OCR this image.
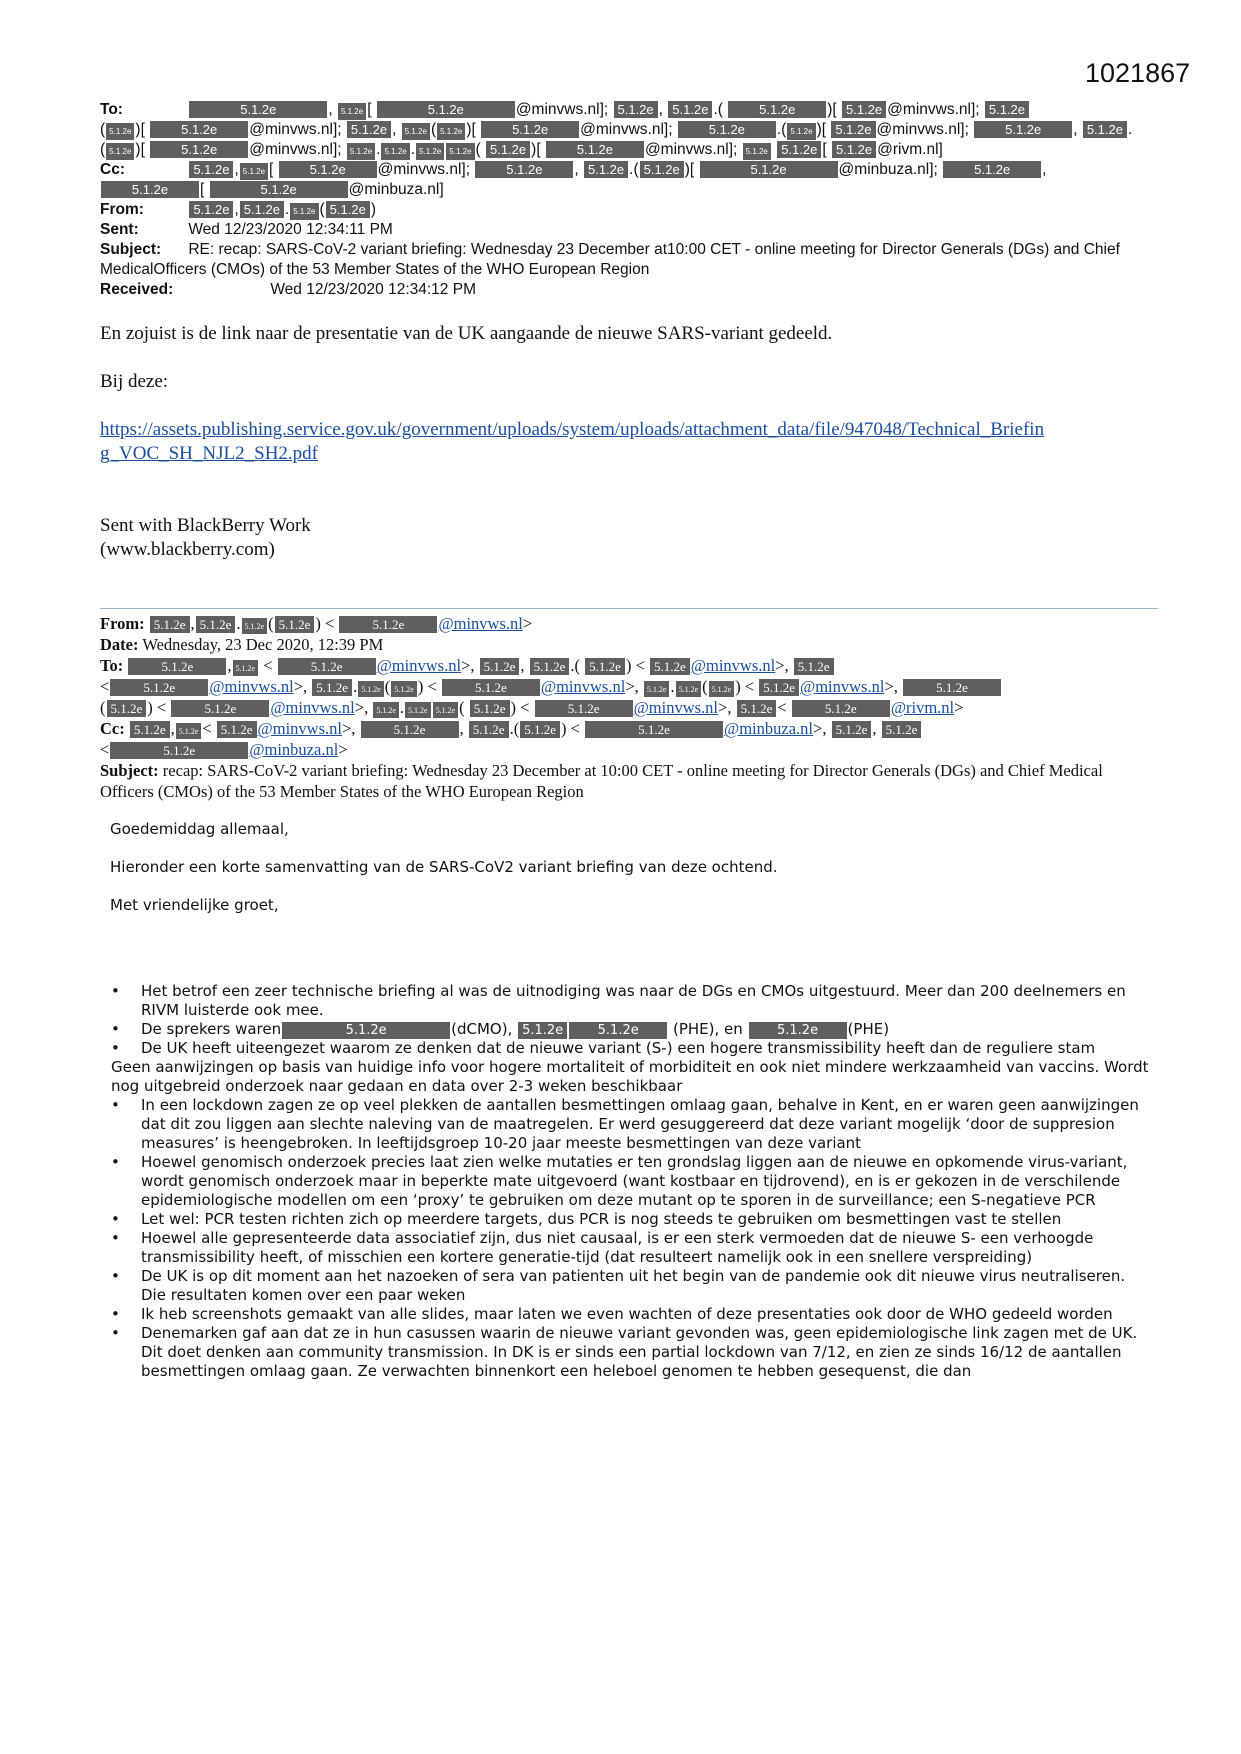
1021867
To:	5.1.2e	, 5.1.2e [	5.1.2e	@minvws.nl]; 5.1.2e , 5.1.2e .( 5.1.2e )[ 5.1.2e @minvws.nl]; 5.1.2e
( 5.1.2e )[ 5.1.2e @minvws.nl]; 5.1.2e , 5.1.2e ( 5.1.2e )[ 5.1.2e @minvws.nl];	5.1.2e .( 5.1.2e )[ 5.1.2e @minvws.nl];	5.1.2e , 5.1.2e .
( 5.1.2e )[ 5.1.2e @minvws.nl]; 5.1.2e . 5.1.2e . 5.1.2e 5.1.2e ( 5.1.2e )[ 5.1.2e @minvws.nl]; 5.1.2e 5.1.2e [ 5.1.2e @rivm.nl]
Cc:	5.1.2e , 5.1.2e [ 5.1.2e @minvws.nl];	5.1.2e , 5.1.2e .( 5.1.2e )[	5.1.2e	@minbuza.nl];	5.1.2e ,
5.1.2e [	5.1.2e	@minbuza.nl]
From:	5.1.2e , 5.1.2e . 5.1.2e ( 5.1.2e )
Sent:	Wed 12/23/2020 12:34:11 PM
Subject: RE: recap: SARS-CoV-2 variant briefing: Wednesday 23 December at10:00 CET - online meeting for Director Generals (DGs) and Chief MedicalOfficers (CMOs) of the 53 Member States of the WHO European Region
Received:	Wed 12/23/2020 12:34:12 PM

En zojuist is de link naar de presentatie van de UK aangaande de nieuwe SARS-variant gedeeld.

Bij deze:

https://assets.publishing.service.gov.uk/government/uploads/system/uploads/attachment_data/file/947048/Technical_Briefin
g_VOC_SH_NJL2_SH2.pdf

Sent with BlackBerry Work
(www.blackberry.com)

From: 5.1.2e , 5.1.2e . 5.1.2e ( 5.1.2e ) <	5.1.2e @minvws.nl>
Date: Wednesday, 23 Dec 2020, 12:39 PM
To:	5.1.2e , 5.1.2e <	5.1.2e @minvws.nl>, 5.1.2e , 5.1.2e .( 5.1.2e ) < 5.1.2e @minvws.nl>, 5.1.2e
<	5.1.2e @minvws.nl>, 5.1.2e . 5.1.2e ( 5.1.2e ) <	5.1.2e @minvws.nl>, 5.1.2e . 5.1.2e ( 5.1.2e ) < 5.1.2e @minvws.nl>,	5.1.2e
( 5.1.2e ) <	5.1.2e @minvws.nl>, 5.1.2e . 5.1.2e 5.1.2e ( 5.1.2e ) <	5.1.2e @minvws.nl>, 5.1.2e <	5.1.2e @rivm.nl>
Cc: 5.1.2e , 5.1.2e < 5.1.2e @minvws.nl>,	5.1.2e , 5.1.2e .( 5.1.2e ) <	5.1.2e	@minbuza.nl>, 5.1.2e , 5.1.2e
<	5.1.2e	@minbuza.nl>
Subject: recap: SARS-CoV-2 variant briefing: Wednesday 23 December at 10:00 CET - online meeting for Director Generals (DGs) and Chief Medical Officers (CMOs) of the 53 Member States of the WHO European Region

Goedemiddag allemaal,

Hieronder een korte samenvatting van de SARS-CoV2 variant briefing van deze ochtend.

Met vriendelijke groet,

• Het betrof een zeer technische briefing al was de uitnodiging was naar de DGs en CMOs uitgestuurd. Meer dan 200 deelnemers en RIVM luisterde ook mee.
• De sprekers waren	5.1.2e	(dCMO), 5.1.2e	5.1.2e (PHE), en	5.1.2e (PHE)
• De UK heeft uiteengezet waarom ze denken dat de nieuwe variant (S-) een hogere transmissibility heeft dan de reguliere stam
Geen aanwijzingen op basis van huidige info voor hogere mortaliteit of morbiditeit en ook niet mindere werkzaamheid van vaccins. Wordt nog uitgebreid onderzoek naar gedaan en data over 2-3 weken beschikbaar
• In een lockdown zagen ze op veel plekken de aantallen besmettingen omlaag gaan, behalve in Kent, en er waren geen aanwijzingen dat dit zou liggen aan slechte naleving van de maatregelen. Er werd gesuggereerd dat deze variant mogelijk ‘door de suppresion measures’ is heengebroken. In leeftijdsgroep 10-20 jaar meeste besmettingen van deze variant
• Hoewel genomisch onderzoek precies laat zien welke mutaties er ten grondslag liggen aan de nieuwe en opkomende virus-variant, wordt genomisch onderzoek maar in beperkte mate uitgevoerd (want kostbaar en tijdrovend), en is er gekozen in de verschilende epidemiologische modellen om een ‘proxy’ te gebruiken om deze mutant op te sporen in de surveillance; een S-negatieve PCR
• Let wel: PCR testen richten zich op meerdere targets, dus PCR is nog steeds te gebruiken om besmettingen vast te stellen
• Hoewel alle gepresenteerde data associatief zijn, dus niet causaal, is er een sterk vermoeden dat de nieuwe S- een verhoogde transmissibility heeft, of misschien een kortere generatie-tijd (dat resulteert namelijk ook in een snellere verspreiding)
• De UK is op dit moment aan het nazoeken of sera van patienten uit het begin van de pandemie ook dit nieuwe virus neutraliseren. Die resultaten komen over een paar weken
• Ik heb screenshots gemaakt van alle slides, maar laten we even wachten of deze presentaties ook door de WHO gedeeld worden
• Denemarken gaf aan dat ze in hun casussen waarin de nieuwe variant gevonden was, geen epidemiologische link zagen met de UK. Dit doet denken aan community transmission. In DK is er sinds een partial lockdown van 7/12, en zien ze sinds 16/12 de aantallen besmettingen omlaag gaan. Ze verwachten binnenkort een heleboel genomen te hebben gesequenst, die dan
